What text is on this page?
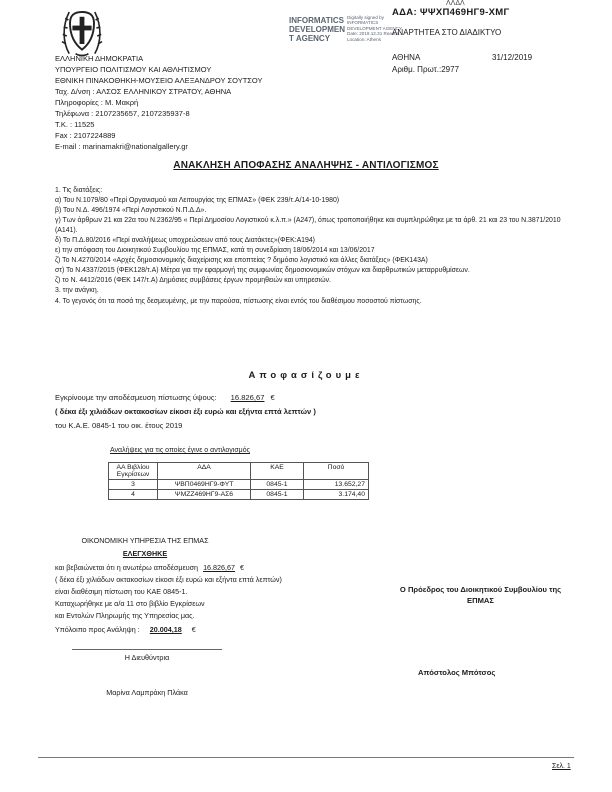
INFORMATICS DEVELOPMEN T AGENCY
Digitally signed by INFORMATICS DEVELOPMENT AGENCY Date: 2019.12.31 Reason: Location: Athens
ΛΛΔΛ
ΑΔΑ: ΨΨΧΠ469ΗΓ9-ΧΜΓ
ΑΝΑΡΤΗΤΕΑ ΣΤΟ ΔΙΑΔΙΚΤΥΟ
ΑΘΗΝΑ	31/12/2019
Αριθμ. Πρωτ.:2977
ΕΛΛΗΝΙΚΗ ΔΗΜΟΚΡΑΤΙΑ
ΥΠΟΥΡΓΕΙΟ ΠΟΛΙΤΙΣΜΟΥ ΚΑΙ ΑΘΛΗΤΙΣΜΟΥ
ΕΘΝΙΚΗ ΠΙΝΑΚΟΘΗΚΗ-ΜΟΥΣΕΙΟ ΑΛΕΞΑΝΔΡΟΥ ΣΟΥΤΣΟΥ
Ταχ. Δ/νση : ΑΛΣΟΣ ΕΛΛΗΝΙΚΟΥ ΣΤΡΑΤΟΥ, ΑΘΗΝΑ
Πληροφορίες : Μ. Μακρή
Τηλέφωνα : 2107235657, 2107235937-8
Τ.Κ. : 11525
Fax : 2107224889
E-mail : marinamakri@nationalgallery.gr
ΑΝΑΚΛΗΣΗ ΑΠΟΦΑΣΗΣ ΑΝΑΛΗΨΗΣ - ΑΝΤΙΛΟΓΙΣΜΟΣ

1. Τις διατάξεις:

α) Του Ν.1079/80 «Περί Οργανισμού και Λειτουργίας της ΕΠΜΑΣ» (ΦΕΚ 239/τ.Α/14-10-1980)

β) Του Ν.Δ. 496/1974 «Περί Λογιστικού Ν.Π.Δ.Δ».

γ) Των άρθρων 21 και 22α του Ν.2362/95 « Περί Δημοσίου Λογιστικού κ.λ.π.» (Α247), όπως τροποποιήθηκε και συμπληρώθηκε με τα άρθ. 21 και 23 του Ν.3871/2010 (Α141).

δ) Το Π.Δ.80/2016 «Περί αναλήψεως υποχρεώσεων από τους Διατάκτες»(ΦΕΚ:Α194)

ε) την απόφαση του Διοικητικού Συμβουλίου της ΕΠΜΑΣ, κατά τη συνεδρίαση 18/06/2014 και 13/06/2017

ζ) Το Ν.4270/2014 «Αρχές δημοσιονομικής διαχείρισης και εποπτείας ? δημόσιο λογιστικό και άλλες διατάξεις» (ΦΕΚ143Α)

στ) Το Ν.4337/2015 (ΦΕΚ128/τ.Α) Μέτρα για την εφαρμογή της συμφωνίας δημοσιονομικών στόχων και διαρθρωτικών μεταρρυθμίσεων.

ζ) το Ν. 4412/2016 (ΦΕΚ 147/τ.Α) Δημόσιες συμβάσεις έργων προμηθειών και υπηρεσιών.

3. την ανάγκη.

4. Το γεγονός ότι τα ποσά της δεσμευμένης, με την παρούσα, πίστωσης είναι εντός του διαθέσιμου ποσοστού πίστωσης.

Αποφασίζουμε
Εγκρίνουμε την αποδέσμευση πίστωσης ύψους: 16.826,67 €
( δέκα έξι χιλιάδων οκτακοσίων είκοσι έξι ευρώ και εξήντα επτά λεπτών )
του Κ.Α.Ε. 0845-1 του οικ. έτους 2019
Αναλήψεις για τις οποίες έγινε ο αντιλογισμός
ΑΑ Βιβλίου Εγκρίσεων	ΑΔΑ	ΚΑΕ	Ποσό
3	ΨΒΠ0469ΗΓ9-ΦΥΤ	0845-1	13.652,27
4	ΨΜΖΖ469ΗΓ9-ΑΣ6	0845-1	3.174,40
ΟΙΚΟΝΟΜΙΚΗ ΥΠΗΡΕΣΙΑ ΤΗΣ ΕΠΜΑΣ
ΕΛΕΓΧΘΗΚΕ
και βεβαιώνεται ότι η ανωτέρω αποδέσμευση 16.826,67 €
( δέκα έξι χιλιάδων οκτακοσίων είκοσι έξι ευρώ και εξήντα επτά λεπτών)
είναι διαθέσιμη πίστωση του ΚΑΕ 0845-1.
Καταχωρήθηκε με α/α 11 στο βιβλίο Εγκρίσεων
και Εντολών Πληρωμής της Υπηρεσίας μας.
Υπόλοιπο προς Ανάληψη : 20.004,18 €
Ο Πρόεδρος του Διοικητικού Συμβουλίου της ΕΠΜΑΣ
Απόστολος Μπότσος
Η Διευθύντρια
Μαρίνα Λαμπράκη Πλάκα
Σελ. 1
